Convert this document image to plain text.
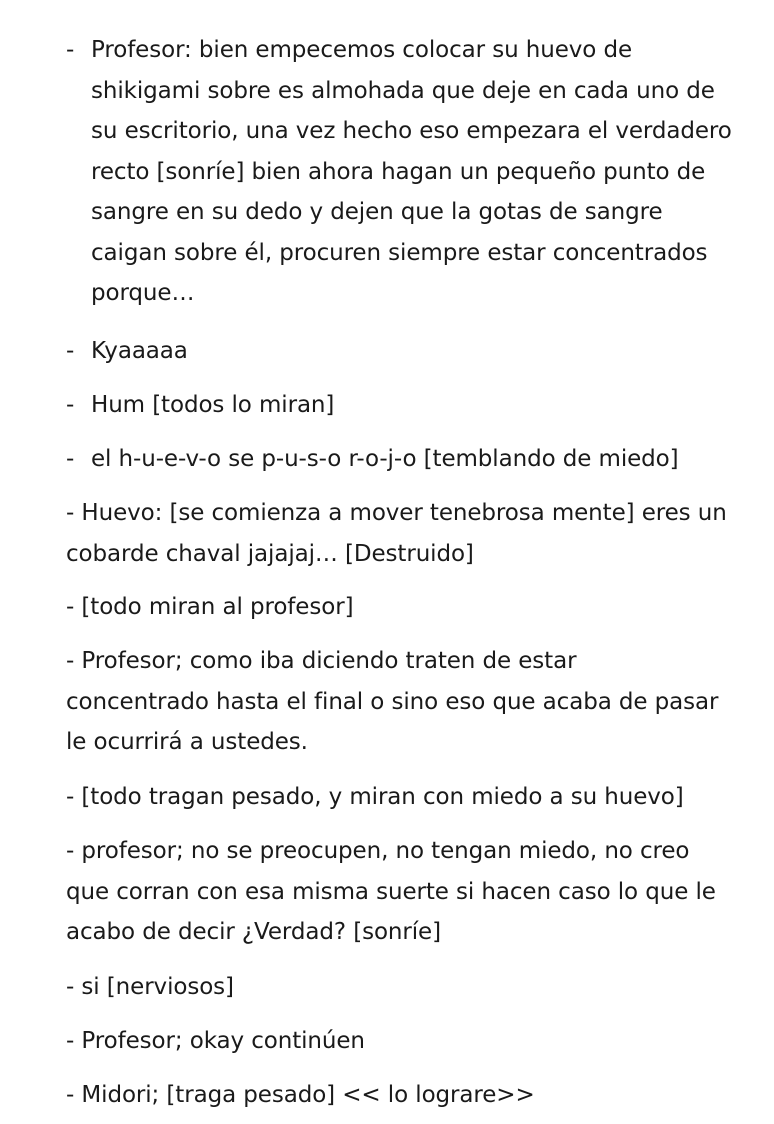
- Profesor: bien empecemos colocar su huevo de
shikigami sobre es almohada que deje en cada uno de
su escritorio, una vez hecho eso empezara el verdadero
recto [sonríe] bien ahora hagan un pequeño punto de
sangre en su dedo y dejen que la gotas de sangre
caigan sobre él, procuren siempre estar concentrados
porque…
- Kyaaaaa
- Hum [todos lo miran]
- el h-u-e-v-o se p-u-s-o r-o-j-o [temblando de miedo]
- Huevo: [se comienza a mover tenebrosa mente] eres un
cobarde chaval jajajaj… [Destruido]
- [todo miran al profesor]
- Profesor; como iba diciendo traten de estar
concentrado hasta el final o sino eso que acaba de pasar
le ocurrirá a ustedes.
- [todo tragan pesado, y miran con miedo a su huevo]
- profesor; no se preocupen, no tengan miedo, no creo
que corran con esa misma suerte si hacen caso lo que le
acabo de decir ¿Verdad? [sonríe]
- si [nerviosos]
- Profesor; okay continúen
- Midori; [traga pesado] << lo lograre>>
